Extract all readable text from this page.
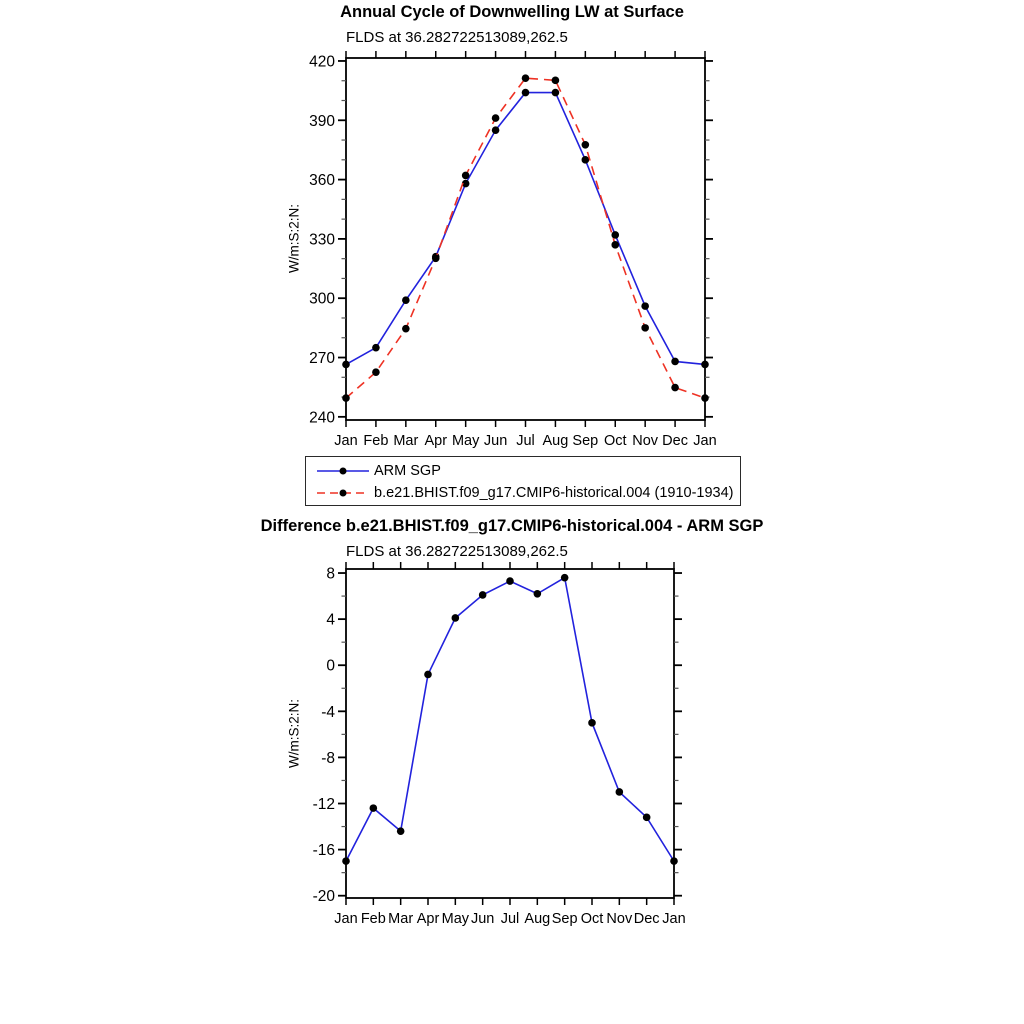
Annual Cycle of Downwelling LW at Surface
FLDS at 36.282722513089,262.5
W/m:S:2:N:
240
270
300
330
360
390
420
Jan Feb Mar Apr May Jun Jul Aug Sep Oct Nov Dec Jan
-20
-16
-12
-8
-4
0
4
8
Jan Feb Mar Apr May Jun Jul Aug Sep Oct Nov Dec Jan
ARM SGP
b.e21.BHIST.f09_g17.CMIP6-historical.004 (1910-1934)
Difference b.e21.BHIST.f09_g17.CMIP6-historical.004 - ARM SGP
FLDS at 36.282722513089,262.5
W/m:S:2:N:
